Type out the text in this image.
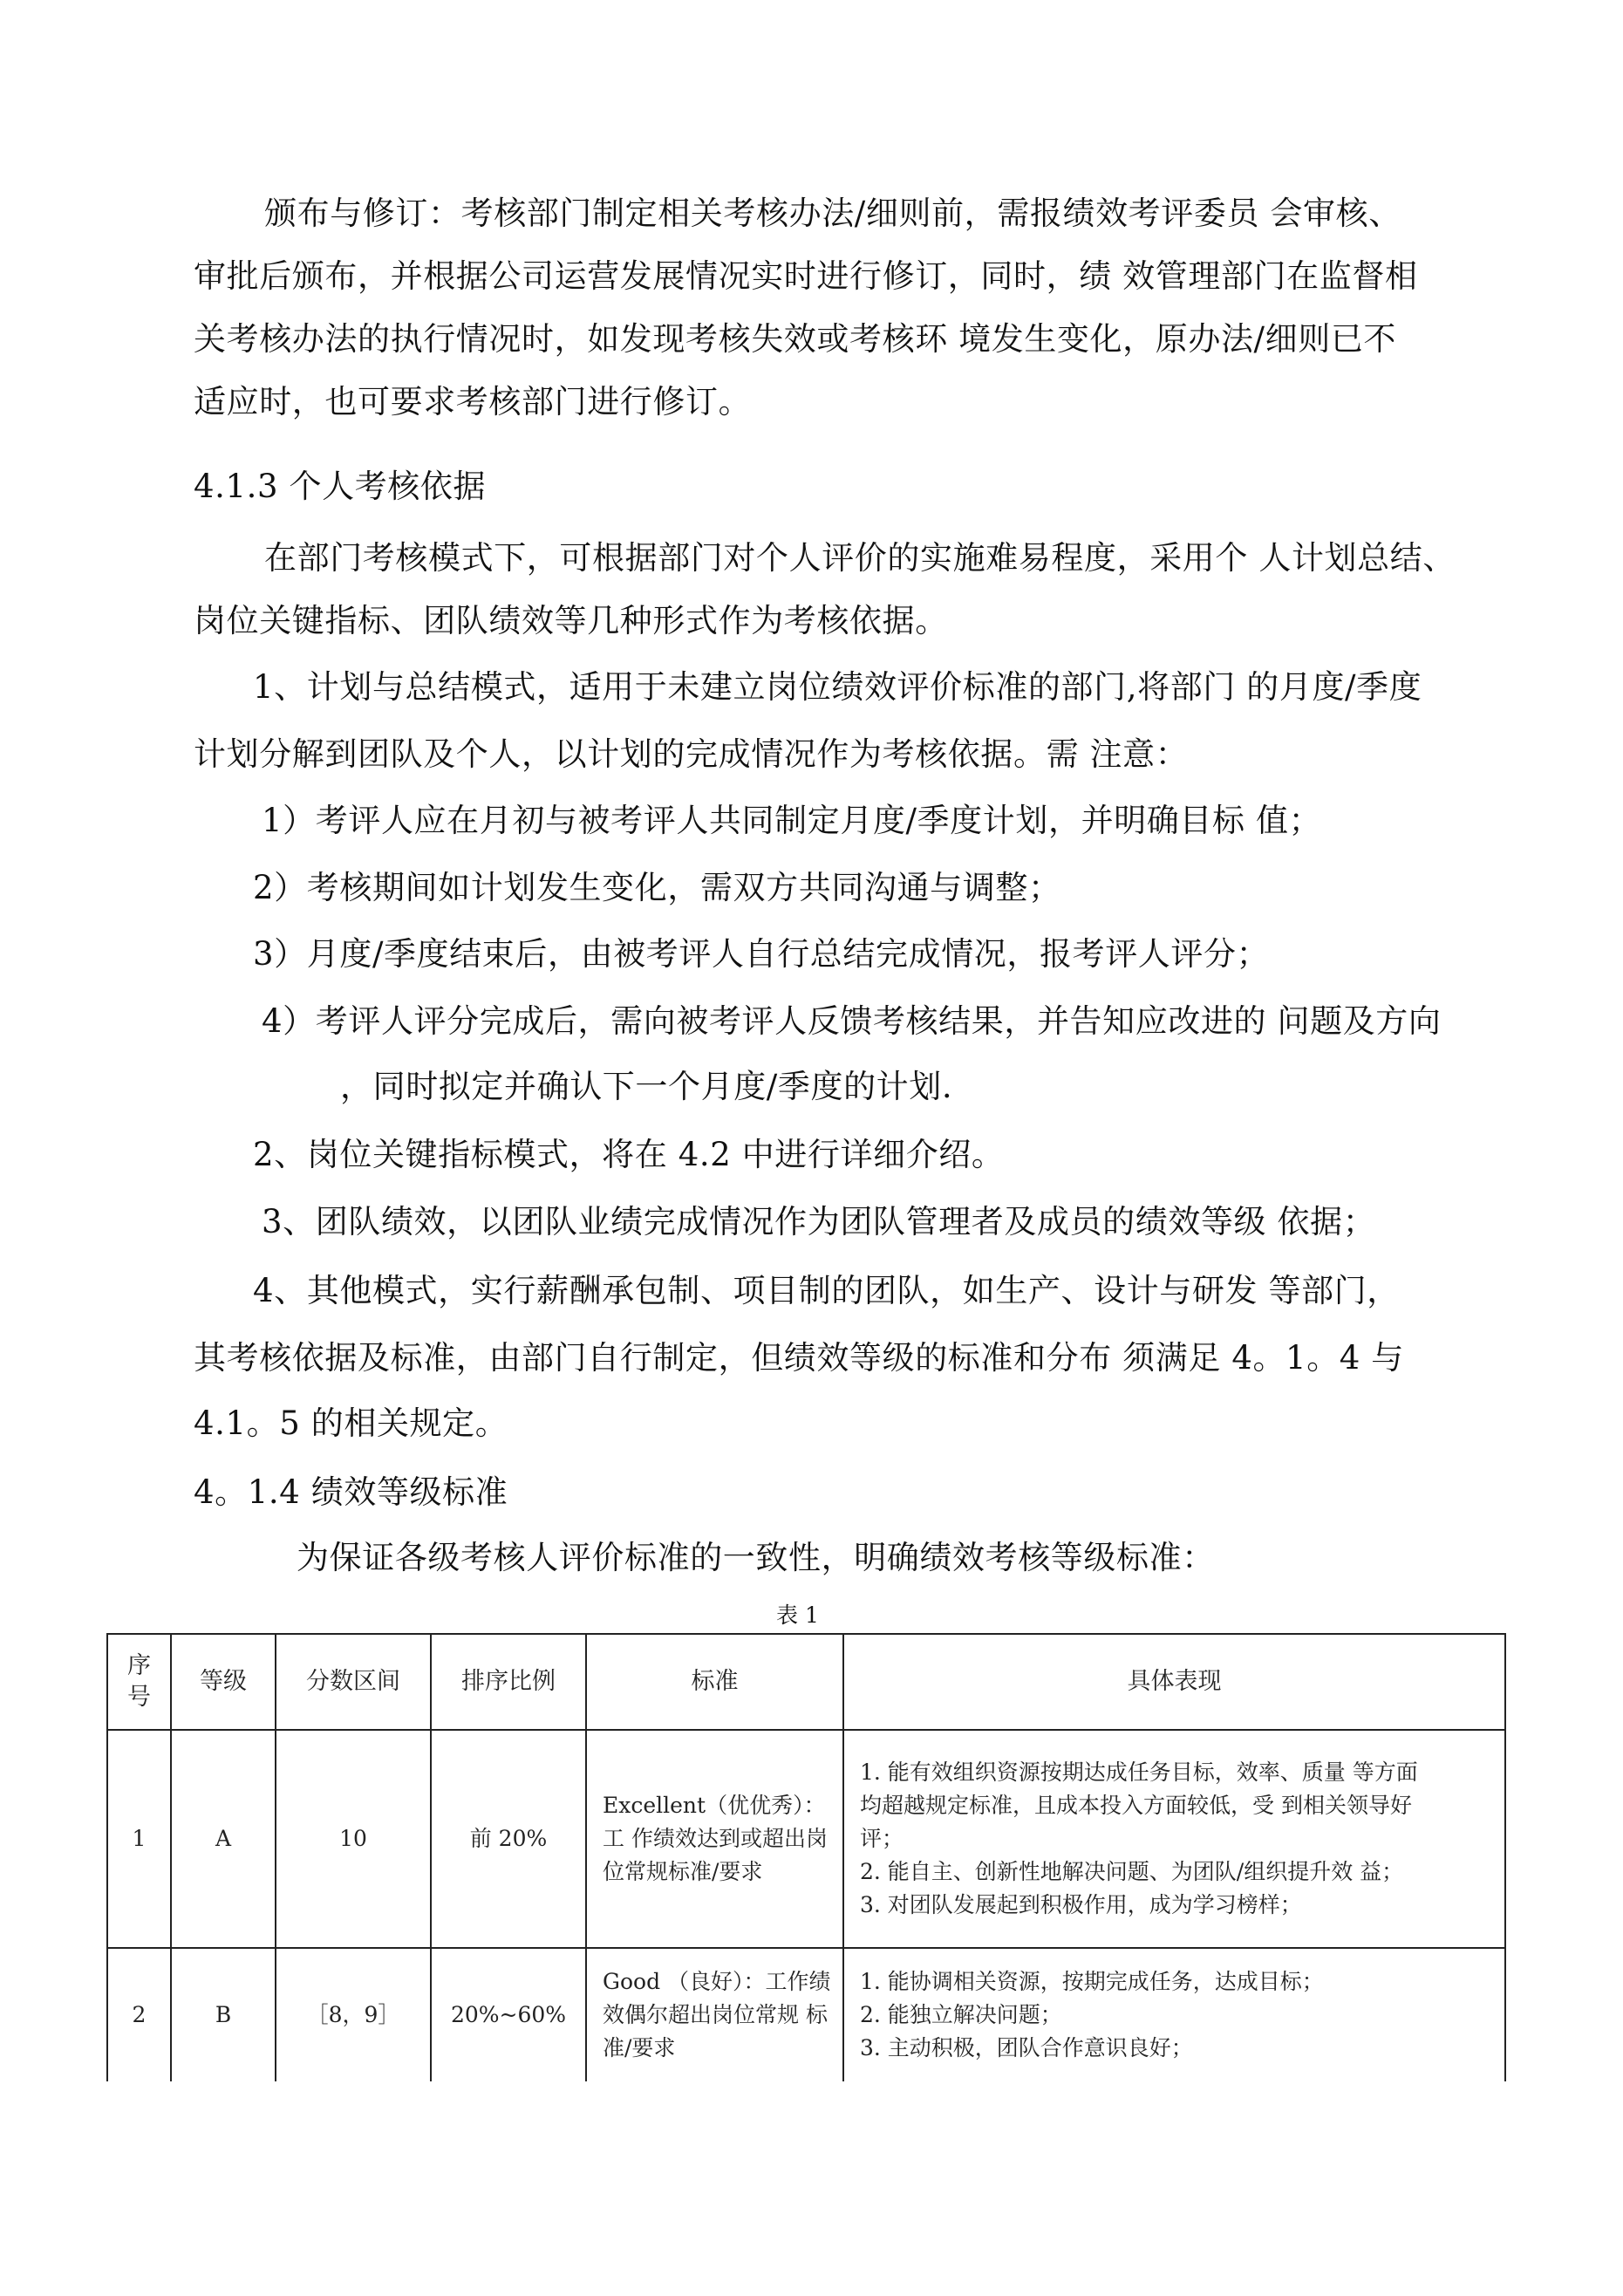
颁布与修订：考核部门制定相关考核办法/细则前，需报绩效考评委员 会审核、
审批后颁布，并根据公司运营发展情况实时进行修订，同时，绩 效管理部门在监督相
关考核办法的执行情况时，如发现考核失效或考核环 境发生变化，原办法/细则已不
适应时，也可要求考核部门进行修订。
4.1.3 个人考核依据
在部门考核模式下，可根据部门对个人评价的实施难易程度，采用个 人计划总结、
岗位关键指标、团队绩效等几种形式作为考核依据。
1、计划与总结模式，适用于未建立岗位绩效评价标准的部门,将部门 的月度/季度
计划分解到团队及个人，以计划的完成情况作为考核依据。需 注意：
1）考评人应在月初与被考评人共同制定月度/季度计划，并明确目标 值；
2）考核期间如计划发生变化，需双方共同沟通与调整；
3）月度/季度结束后，由被考评人自行总结完成情况，报考评人评分；
4）考评人评分完成后，需向被考评人反馈考核结果，并告知应改进的 问题及方向
，同时拟定并确认下一个月度/季度的计划.
2、岗位关键指标模式，将在 4.2 中进行详细介绍。
3、团队绩效，以团队业绩完成情况作为团队管理者及成员的绩效等级 依据；
4、其他模式，实行薪酬承包制、项目制的团队，如生产、设计与研发 等部门，
其考核依据及标准，由部门自行制定，但绩效等级的标准和分布 须满足 4。1。4 与
4.1。5 的相关规定。
4。1.4 绩效等级标准
为保证各级考核人评价标准的一致性，明确绩效考核等级标准：
表 1
序号	等级	分数区间	排序比例	标准	具体表现
1	A	10	前 20%	Excellent（优优秀）：
工 作绩效达到或超出岗
位常规标准/要求	1. 能有效组织资源按期达成任务目标，效率、质量 等方面
均超越规定标准，且成本投入方面较低，受 到相关领导好
评；
2. 能自主、创新性地解决问题、为团队/组织提升效 益；
3. 对团队发展起到积极作用，成为学习榜样；

2	B	［8，9］	20%~60%	Good （良好）：工作绩
效偶尔超出岗位常规 标
准/要求	1. 能协调相关资源，按期完成任务，达成目标；
2. 能独立解决问题；
3. 主动积极，团队合作意识良好；
